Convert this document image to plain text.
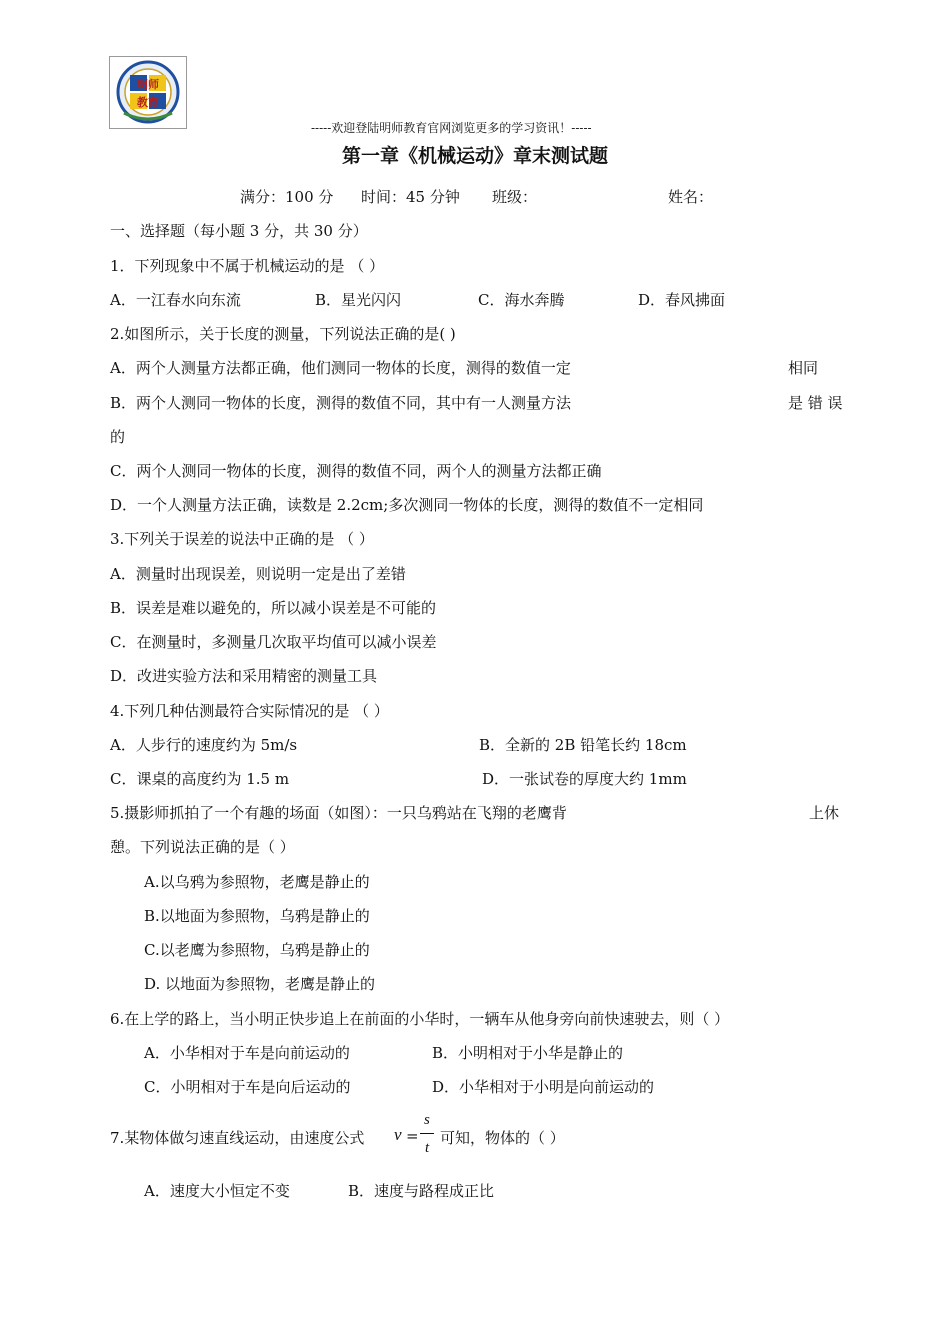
明师
教育
-----欢迎登陆明师教育官网浏览更多的学习资讯！-----
第一章《机械运动》章末测试题
满分：100 分 时间：45 分钟 班级：	姓名：
一、选择题（每小题 3 分，共 30 分）
1．下列现象中不属于机械运动的是 （ ）
A．一江春水向东流	B．星光闪闪	C．海水奔腾	D．春风拂面
2.如图所示，关于长度的测量，下列说法正确的是( )
A．两个人测量方法都正确，他们测同一物体的长度，测得的数值一定	相同
B．两个人测同一物体的长度，测得的数值不同，其中有一人测量方法	是 错 误
的
C．两个人测同一物体的长度，测得的数值不同，两个人的测量方法都正确
D．一个人测量方法正确，读数是 2.2cm;多次测同一物体的长度，测得的数值不一定相同
3.下列关于误差的说法中正确的是 （ ）
A．测量时出现误差，则说明一定是出了差错
B．误差是难以避免的，所以减小误差是不可能的
C．在测量时，多测量几次取平均值可以减小误差
D．改进实验方法和采用精密的测量工具
4.下列几种估测最符合实际情况的是 （ ）
A．人步行的速度约为 5m/s	B．全新的 2B 铅笔长约 18cm
C．课桌的高度约为 1.5 m	D．一张试卷的厚度大约 1mm
5.摄影师抓拍了一个有趣的场面（如图）：一只乌鸦站在飞翔的老鹰背	上休
憩。下列说法正确的是（ ）
A.以乌鸦为参照物，老鹰是静止的
B.以地面为参照物，乌鸦是静止的
C.以老鹰为参照物，乌鸦是静止的
D. 以地面为参照物，老鹰是静止的
6.在上学的路上，当小明正快步追上在前面的小华时，一辆车从他身旁向前快速驶去，则（ ）
A．小华相对于车是向前运动的	B．小明相对于小华是静止的
C．小明相对于车是向后运动的	D．小华相对于小明是向前运动的
7.某物体做匀速直线运动，由速度公式 v =
s
t
可知，物体的（ ）
A．速度大小恒定不变	B．速度与路程成正比
